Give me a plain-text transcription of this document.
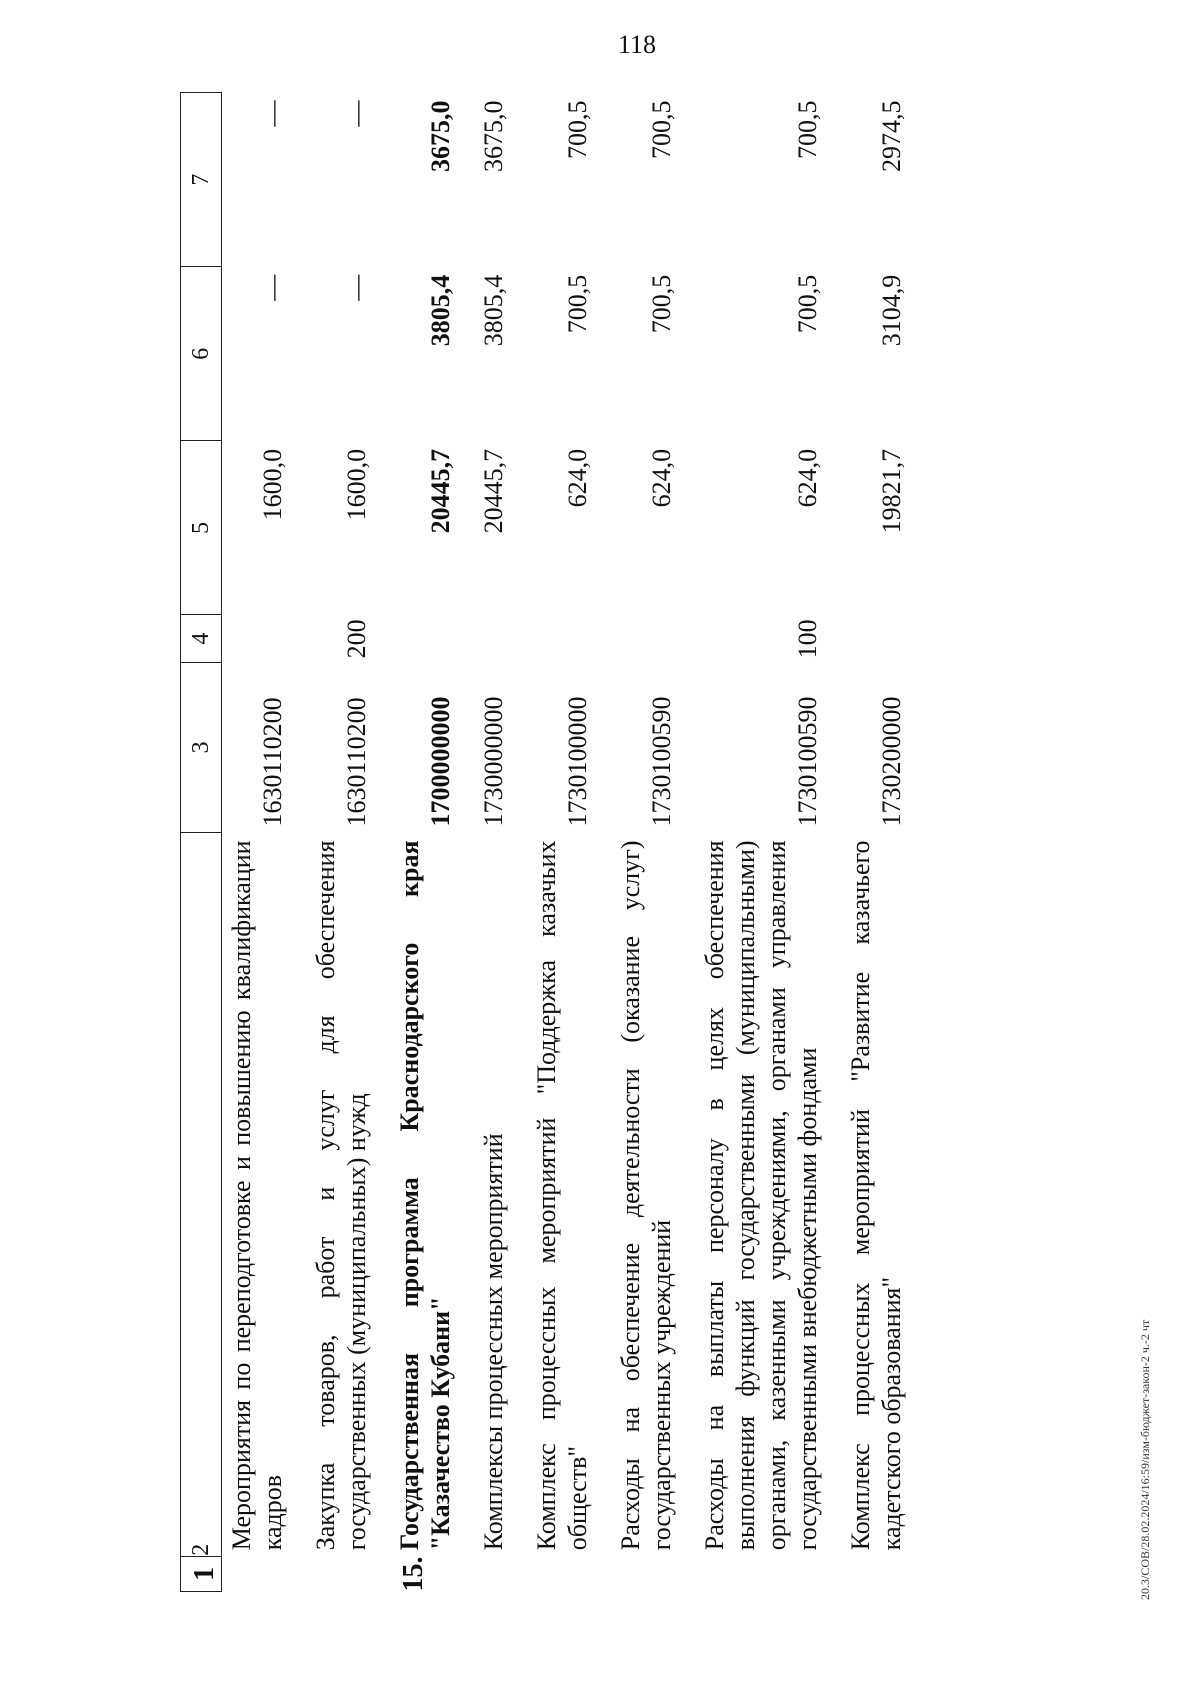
118
1	2	3	4	5	6	7
	Мероприятия по переподготовке и повышению квалификации кадров	1630110200		1600,0	—	—
	Закупка товаров, работ и услуг для обеспечения государственных (муниципальных) нужд	1630110200	200	1600,0	—	—
15.	Государственная программа Краснодарского края "Казачество Кубани"	1700000000		20445,7	3805,4	3675,0
	Комплексы процессных мероприятий	1730000000		20445,7	3805,4	3675,0
	Комплекс процессных мероприятий "Поддержка казачьих обществ"	1730100000		624,0	700,5	700,5
	Расходы на обеспечение деятельности (оказание услуг) государственных учреждений	1730100590		624,0	700,5	700,5
	Расходы на выплаты персоналу в целях обеспечения выполнения функций государственными (муниципальными) органами, казенными учреждениями, органами управления государственными внебюджетными фондами	1730100590	100	624,0	700,5	700,5
	Комплекс процессных мероприятий "Развитие казачьего кадетского образования"	1730200000		19821,7	3104,9	2974,5
20.3/СОВ/28.02.2024/16:59/изм-бюджет-закон-2 ч.-2 чт
